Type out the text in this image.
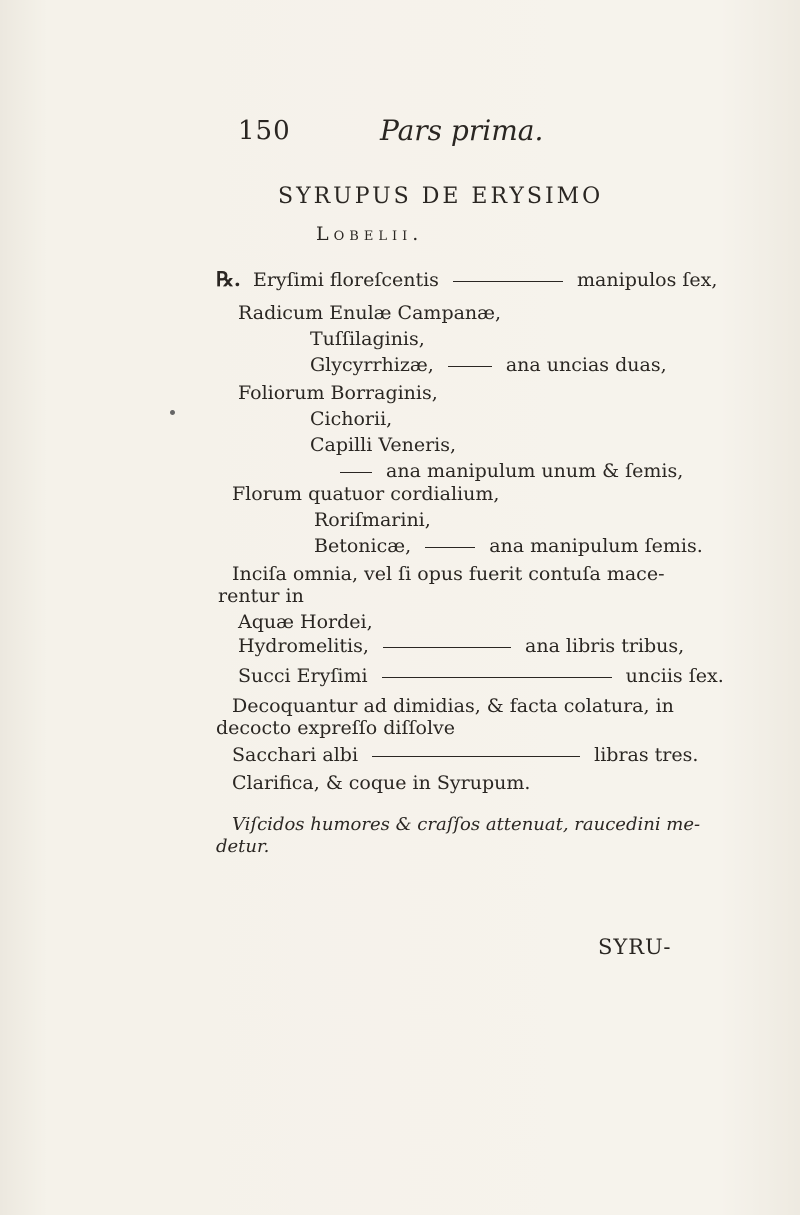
150	Pars prima.
SYRUPUS DE ERYSIMO
Lobelii.
℞. Eryſimi floreſcentis	manipulos ſex,
Radicum Enulæ Campanæ,
Tuſſilaginis,
Glycyrrhizæ,	ana uncias duas,
Foliorum Borraginis,
Cichorii,
Capilli Veneris,
ana manipulum unum & ſemis,
Florum quatuor cordialium,
Roriſmarini,
Betonicæ,	ana manipulum ſemis.
Inciſa omnia, vel ſi opus fuerit contuſa mace-
rentur in
Aquæ Hordei,
Hydromelitis,	ana libris tribus,
Succi Eryſimi	unciis ſex.
Decoquantur ad dimidias, & facta colatura, in
decocto expreſſo diſſolve
Sacchari albi	libras tres.
Clarifica, & coque in Syrupum.
Viſcidos humores & craſſos attenuat, raucedini me-
detur.
SYRU-
